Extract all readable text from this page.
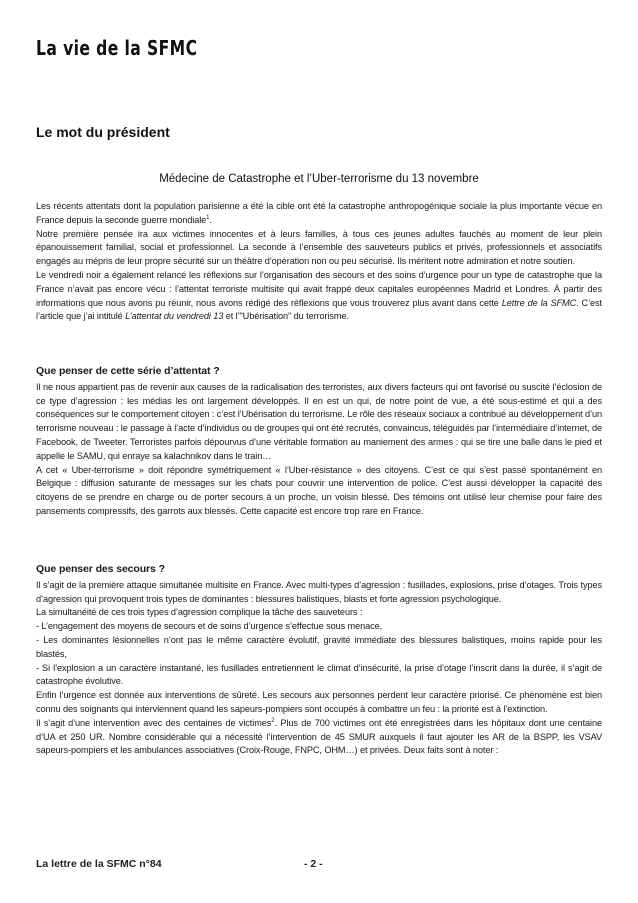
La vie de la SFMC
Le mot du président
Médecine de Catastrophe et l’Uber-terrorisme du 13 novembre

Les récents attentats dont la population parisienne a été la cible ont été la catastrophe anthropogénique sociale la plus importante vécue en France depuis la seconde guerre mondiale$^1$.

Notre première pensée ira aux victimes innocentes et à leurs familles, à tous ces jeunes adultes fauchés au moment de leur plein épanouissement familial, social et professionnel. La seconde à l’ensemble des sauveteurs publics et privés, professionnels et associatifs engagés au mépris de leur propre sécurité sur un théâtre d’opération non ou peu sécurisé. Ils méritent notre admiration et notre soutien.

Le vendredi noir a également relancé les réflexions sur l’organisation des secours et des soins d’urgence pour un type de catastrophe que la France n’avait pas encore vécu : l’attentat terroriste multisite qui avait frappé deux capitales européennes Madrid et Londres. À partir des informations que nous avons pu réunir, nous avons rédigé des réflexions que vous trouverez plus avant dans cette Lettre de la SFMC. C’est l’article que j’ai intitulé L’attentat du vendredi 13 et l’"Ubérisation" du terrorisme.

Que penser de cette série d’attentat ?

Il ne nous appartient pas de revenir aux causes de la radicalisation des terroristes, aux divers facteurs qui ont favorisé ou suscité l’éclosion de ce type d’agression : les médias les ont largement développés. Il en est un qui, de notre point de vue, a été sous-estimé et qui a des conséquences sur le comportement citoyen : c’est l’Ubérisation du terrorisme. Le rôle des réseaux sociaux a contribué au développement d’un terrorisme nouveau : le passage à l’acte d’individus ou de groupes qui ont été recrutés, convaincus, téléguidés par l’intermédiaire d’internet, de Facebook, de Tweeter. Terroristes parfois dépourvus d’une véritable formation au maniement des armes : qui se tire une balle dans le pied et appelle le SAMU, qui enraye sa kalachnikov dans le train…

A cet « Uber-terrorisme » doit répondre symétriquement « l’Uber-résistance » des citoyens. C’est ce qui s’est passé spontanément en Belgique : diffusion saturante de messages sur les chats pour couvrir une intervention de police. C’est aussi développer la capacité des citoyens de se prendre en charge ou de porter secours à un proche, un voisin blessé. Des témoins ont utilisé leur chemise pour faire des pansements compressifs, des garrots aux blessés. Cette capacité est encore trop rare en France.

Que penser des secours ?

Il s’agit de la première attaque simultanée multisite en France. Avec multi-types d’agression : fusillades, explosions, prise d’otages. Trois types d’agression qui provoquent trois types de dominantes : blessures balistiques, blasts et forte agression psychologique.

La simultanéité de ces trois types d’agression complique la tâche des sauveteurs :

- L’engagement des moyens de secours et de soins d’urgence s’effectue sous menace,

- Les dominantes lésionnelles n’ont pas le même caractère évolutif, gravité immédiate des blessures balistiques, moins rapide pour les blastés,

- Si l’explosion a un caractère instantané, les fusillades entretiennent le climat d’insécurité, la prise d’otage l’inscrit dans la durée, il s’agit de catastrophe évolutive.

Enfin l’urgence est donnée aux interventions de sûreté. Les secours aux personnes perdent leur caractère priorisé. Ce phénomène est bien connu des soignants qui interviennent quand les sapeurs-pompiers sont occupés à combattre un feu : la priorité est à l’extinction.

Il s’agit d’une intervention avec des centaines de victimes$^2$. Plus de 700 victimes ont été enregistrées dans les hôpitaux dont une centaine d’UA et 250 UR. Nombre considérable qui a nécessité l’intervention de 45 SMUR auxquels il faut ajouter les AR de la BSPP, les VSAV sapeurs-pompiers et les ambulances associatives (Croix-Rouge, FNPC, OHM…) et privées. Deux faits sont à noter :

La lettre de la SFMC n°84	- 2 -
